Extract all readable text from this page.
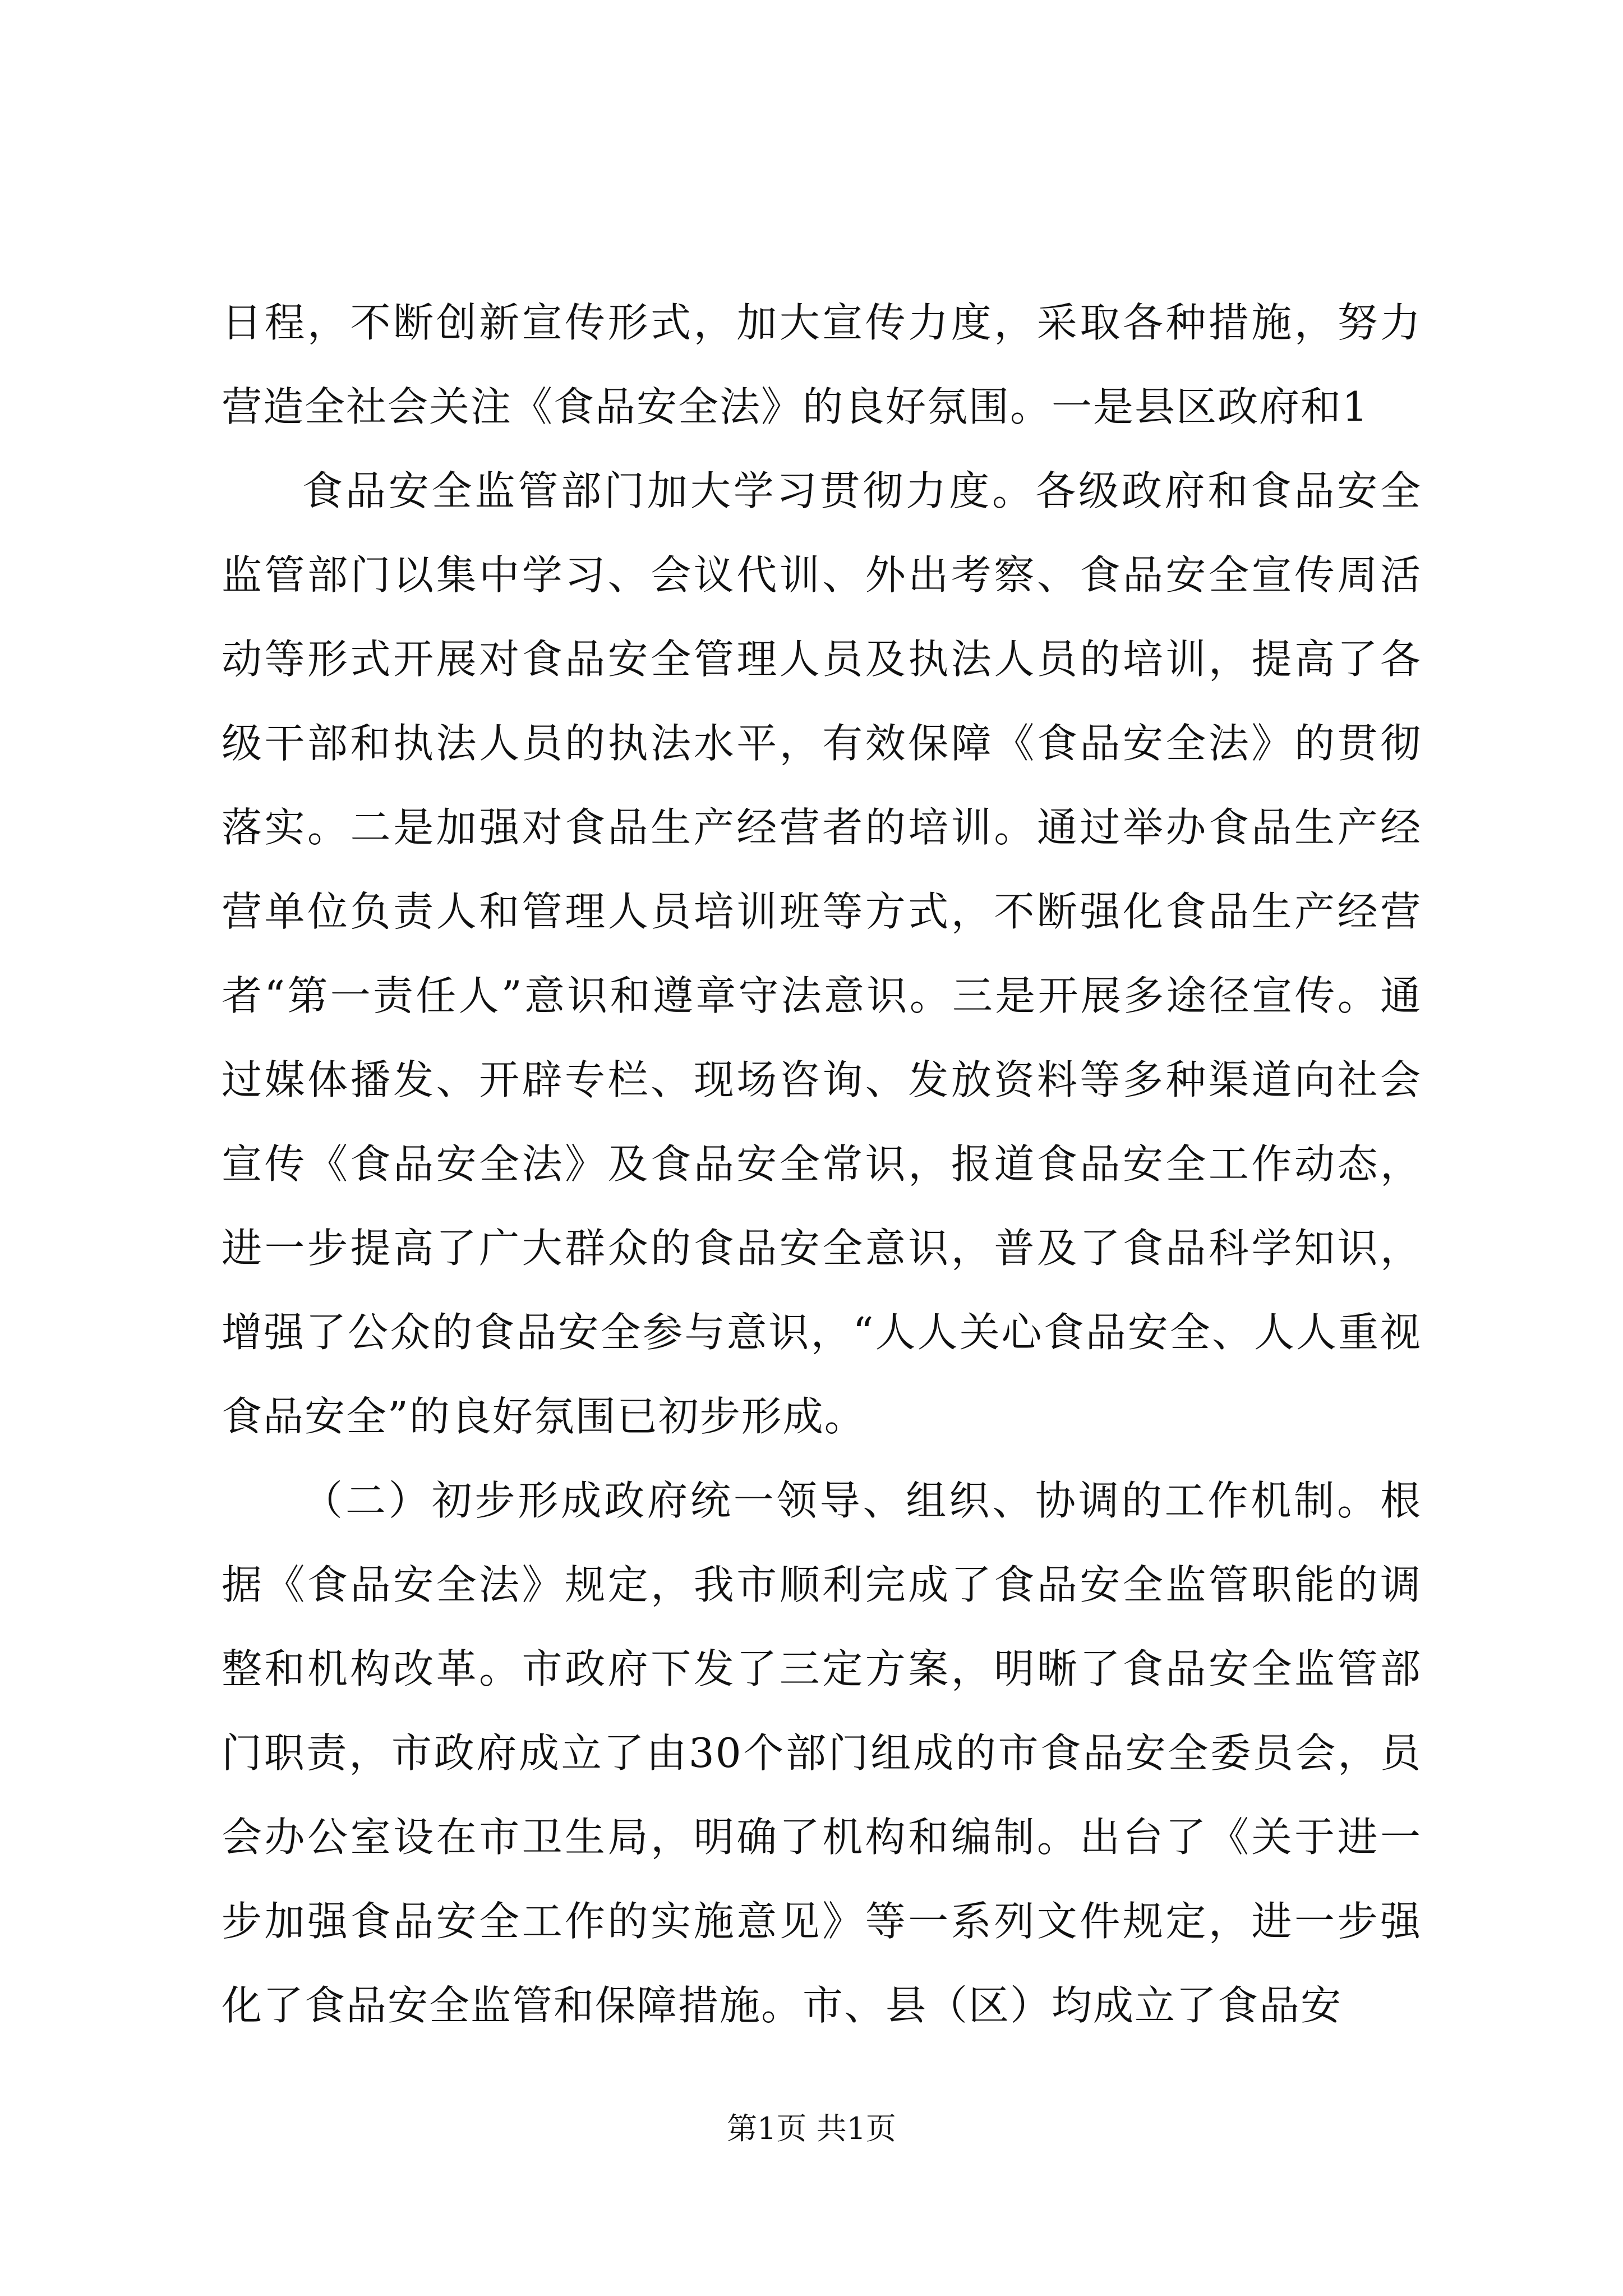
日程，不断创新宣传形式，加大宣传力度，采取各种措施，努力营造全社会关注《食品安全法》的良好氛围。一是县区政府和1

食品安全监管部门加大学习贯彻力度。各级政府和食品安全监管部门以集中学习、会议代训、外出考察、食品安全宣传周活动等形式开展对食品安全管理人员及执法人员的培训，提高了各级干部和执法人员的执法水平，有效保障《食品安全法》的贯彻落实。二是加强对食品生产经营者的培训。通过举办食品生产经营单位负责人和管理人员培训班等方式，不断强化食品生产经营者“第一责任人”意识和遵章守法意识。三是开展多途径宣传。通过媒体播发、开辟专栏、现场咨询、发放资料等多种渠道向社会宣传《食品安全法》及食品安全常识，报道食品安全工作动态，进一步提高了广大群众的食品安全意识，普及了食品科学知识，增强了公众的食品安全参与意识，“人人关心食品安全、人人重视食品安全”的良好氛围已初步形成。

（二）初步形成政府统一领导、组织、协调的工作机制。根据《食品安全法》规定，我市顺利完成了食品安全监管职能的调整和机构改革。市政府下发了三定方案，明晰了食品安全监管部门职责，市政府成立了由30个部门组成的市食品安全委员会，员会办公室设在市卫生局，明确了机构和编制。出台了《关于进一步加强食品安全工作的实施意见》等一系列文件规定，进一步强化了食品安全监管和保障措施。市、县（区）均成立了食品安

第1页 共1页
